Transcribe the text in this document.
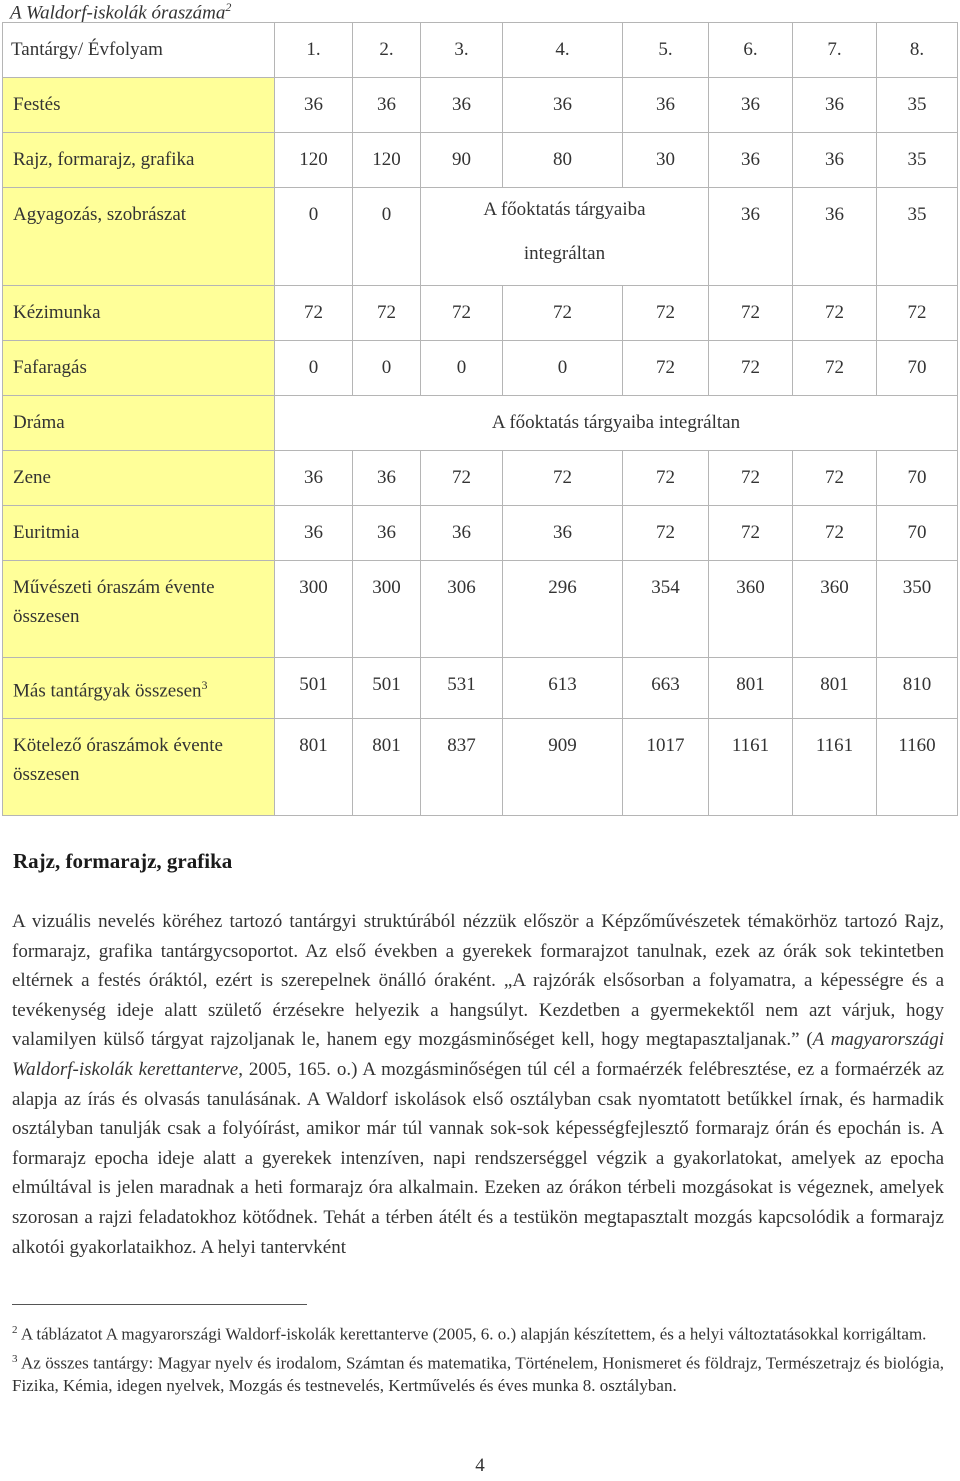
A Waldorf-iskolák óraszáma$^2$
Tantárgy/ Évfolyam	1.	2.	3.	4.	5.	6.	7.	8.
Festés	36	36	36	36	36	36	36	35
Rajz, formarajz, grafika	120	120	90	80	30	36	36	35
Agyagozás, szobrászat	0	0	A főoktatás tárgyaiba integráltan			36	36	35
Kézimunka	72	72	72	72	72	72	72	72
Fafaragás	0	0	0	0	72	72	72	70
Dráma	A főoktatás tárgyaiba integráltan							
Zene	36	36	72	72	72	72	72	70
Euritmia	36	36	36	36	72	72	72	70
Művészeti óraszám évente összesen	300	300	306	296	354	360	360	350

Más tantárgyak összesen$^3$	501	501	531	613	663	801	801	810
Kötelező óraszámok évente összesen	801	801	837	909	1017	1161	1161	1160
Rajz, formarajz, grafika

A vizuális nevelés köréhez tartozó tantárgyi struktúrából nézzük először a Képzőművészetek témakörhöz tartozó Rajz, formarajz, grafika tantárgycsoportot. Az első években a gyerekek formarajzot tanulnak, ezek az órák sok tekintetben eltérnek a festés óráktól, ezért is szerepelnek önálló óraként. „A rajzórák elsősorban a folyamatra, a képességre és a tevékenység ideje alatt születő érzésekre helyezik a hangsúlyt. Kezdetben a gyermekektől nem azt várjuk, hogy valamilyen külső tárgyat rajzoljanak le, hanem egy mozgásminőséget kell, hogy megtapasztaljanak.” (A magyarországi Waldorf-iskolák kerettanterve, 2005, 165. o.) A mozgásminőségen túl cél a formaérzék felébresztése, ez a formaérzék az alapja az írás és olvasás tanulásának. A Waldorf iskolások első osztályban csak nyomtatott betűkkel írnak, és harmadik osztályban tanulják csak a folyóírást, amikor már túl vannak sok-sok képességfejlesztő formarajz órán és epochán is. A formarajz epocha ideje alatt a gyerekek intenzíven, napi rendszerséggel végzik a gyakorlatokat, amelyek az epocha elmúltával is jelen maradnak a heti formarajz óra alkalmain. Ezeken az órákon térbeli mozgásokat is végeznek, amelyek szorosan a rajzi feladatokhoz kötődnek. Tehát a térben átélt és a testükön megtapasztalt mozgás kapcsolódik a formarajz alkotói gyakorlataikhoz. A helyi tantervként

$^2$ A táblázatot A magyarországi Waldorf-iskolák kerettanterve (2005, 6. o.) alapján készítettem, és a helyi változtatásokkal korrigáltam.

$^3$ Az összes tantárgy: Magyar nyelv és irodalom, Számtan és matematika, Történelem, Honismeret és földrajz, Természetrajz és biológia, Fizika, Kémia, idegen nyelvek, Mozgás és testnevelés, Kertművelés és éves munka 8. osztályban.

4
